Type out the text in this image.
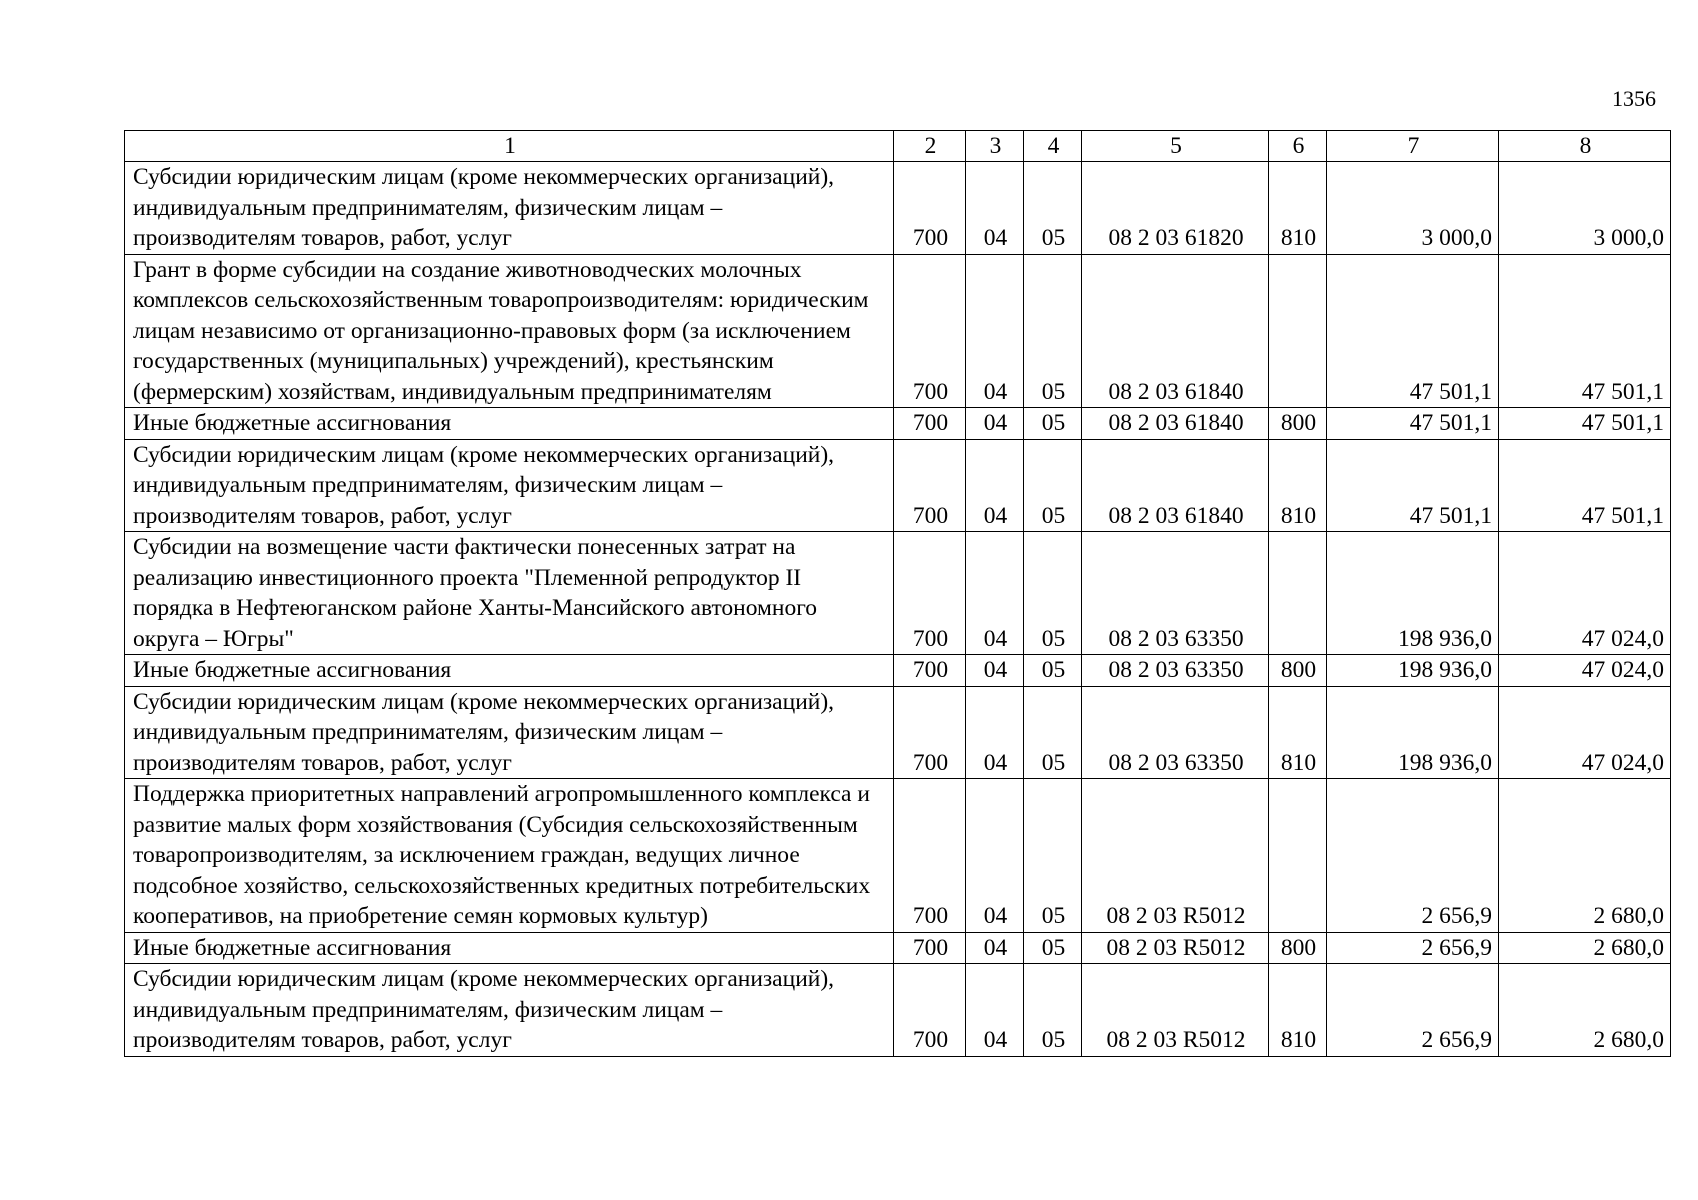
1356
1	2	3	4	5	6	7	8
Субсидии юридическим лицам (кроме некоммерческих организаций), индивидуальным предпринимателям, физическим лицам – производителям товаров, работ, услуг	700	04	05	08 2 03 61820	810	3 000,0	3 000,0
Грант в форме субсидии на создание животноводческих молочных комплексов сельскохозяйственным товаропроизводителям: юридическим лицам независимо от организационно-правовых форм (за исключением государственных (муниципальных) учреждений), крестьянским (фермерским) хозяйствам, индивидуальным предпринимателям	700	04	05	08 2 03 61840		47 501,1	47 501,1
Иные бюджетные ассигнования	700	04	05	08 2 03 61840	800	47 501,1	47 501,1
Субсидии юридическим лицам (кроме некоммерческих организаций), индивидуальным предпринимателям, физическим лицам – производителям товаров, работ, услуг	700	04	05	08 2 03 61840	810	47 501,1	47 501,1
Субсидии на возмещение части фактически понесенных затрат на реализацию инвестиционного проекта "Племенной репродуктор II порядка в Нефтеюганском районе Ханты-Мансийского автономного округа – Югры"	700	04	05	08 2 03 63350		198 936,0	47 024,0
Иные бюджетные ассигнования	700	04	05	08 2 03 63350	800	198 936,0	47 024,0
Субсидии юридическим лицам (кроме некоммерческих организаций), индивидуальным предпринимателям, физическим лицам – производителям товаров, работ, услуг	700	04	05	08 2 03 63350	810	198 936,0	47 024,0
Поддержка приоритетных направлений агропромышленного комплекса и развитие малых форм хозяйствования (Субсидия сельскохозяйственным товаропроизводителям, за исключением граждан, ведущих личное подсобное хозяйство, сельскохозяйственных кредитных потребительских кооперативов, на приобретение семян кормовых культур)	700	04	05	08 2 03 R5012		2 656,9	2 680,0
Иные бюджетные ассигнования	700	04	05	08 2 03 R5012	800	2 656,9	2 680,0
Субсидии юридическим лицам (кроме некоммерческих организаций), индивидуальным предпринимателям, физическим лицам – производителям товаров, работ, услуг	700	04	05	08 2 03 R5012	810	2 656,9	2 680,0
